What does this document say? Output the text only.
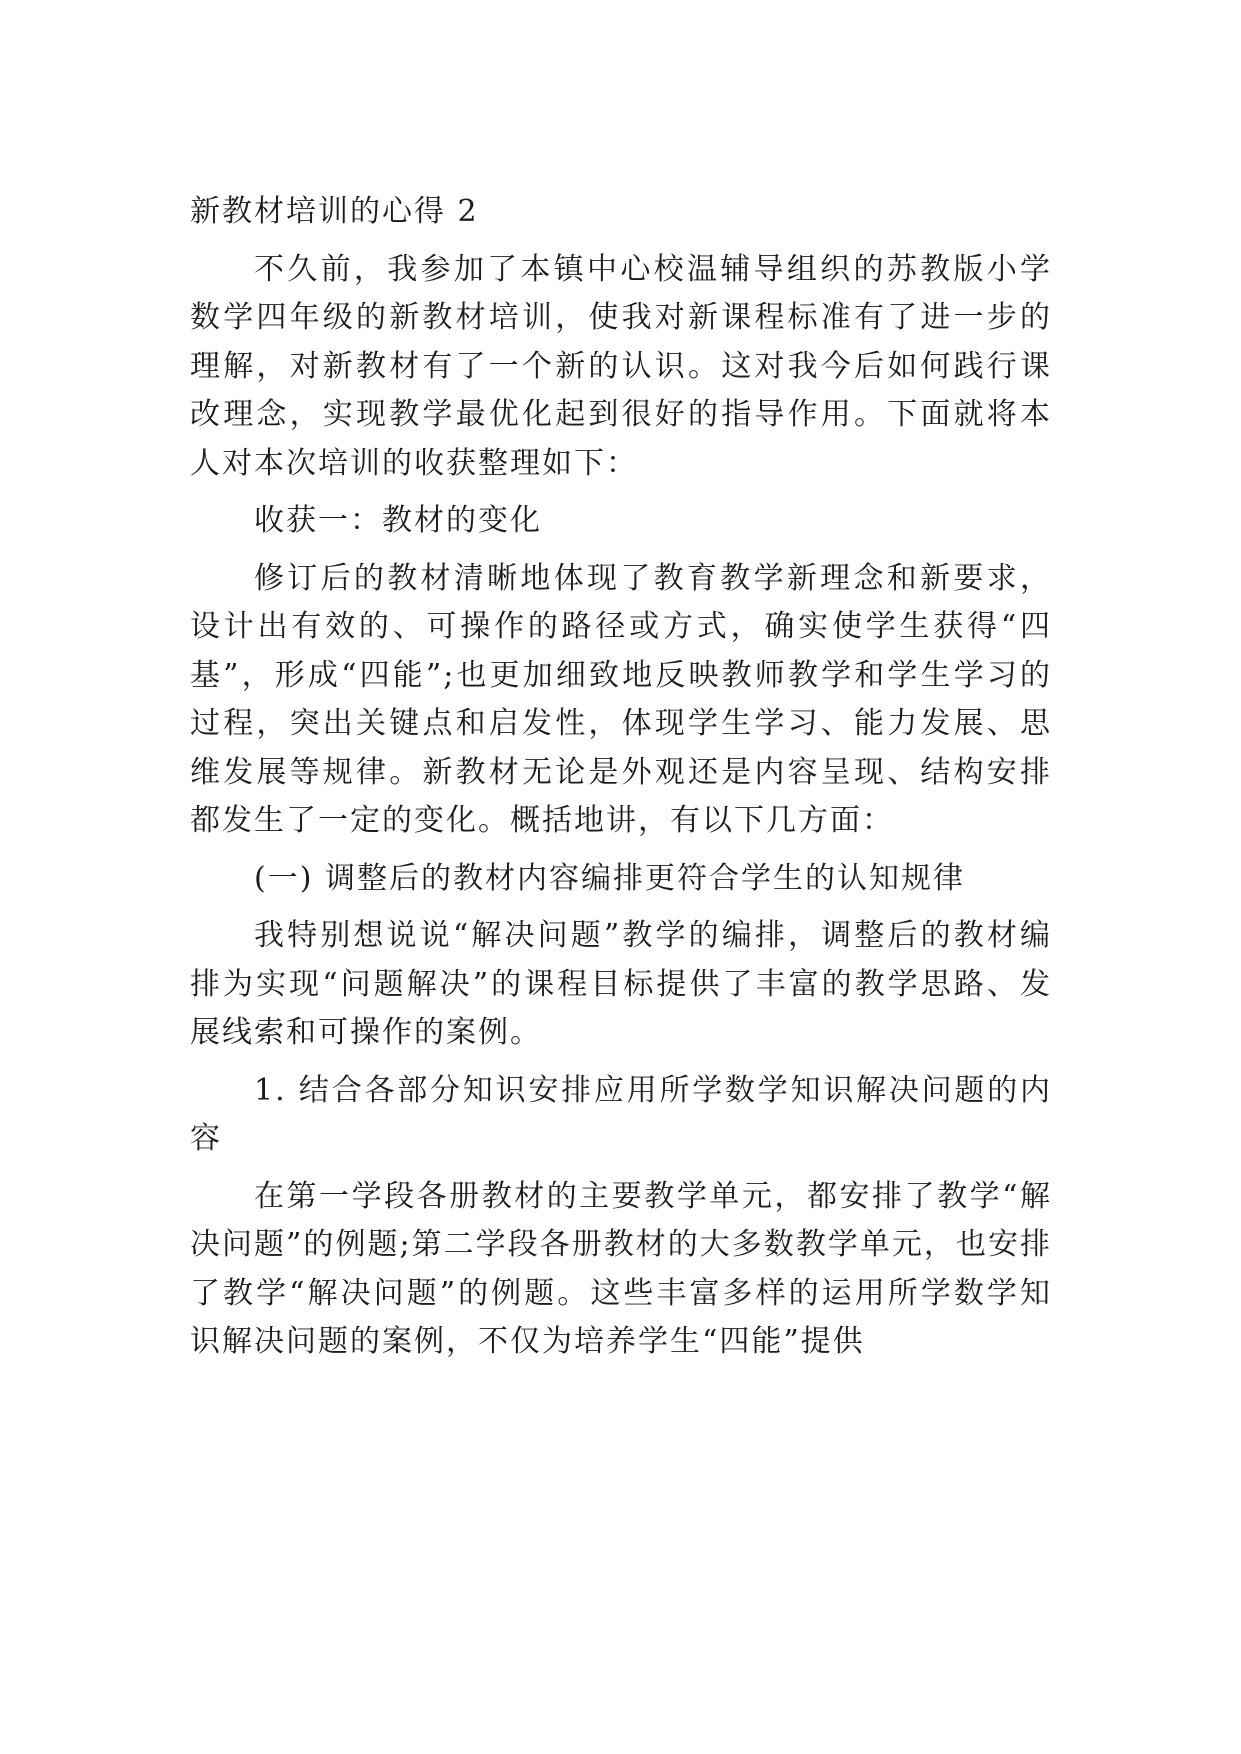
新教材培训的心得 2

不久前，我参加了本镇中心校温辅导组织的苏教版小学数学四年级的新教材培训，使我对新课程标准有了进一步的理解，对新教材有了一个新的认识。这对我今后如何践行课改理念，实现教学最优化起到很好的指导作用。下面就将本人对本次培训的收获整理如下：

收获一：教材的变化

修订后的教材清晰地体现了教育教学新理念和新要求，设计出有效的、可操作的路径或方式，确实使学生获得“四基”，形成“四能”;也更加细致地反映教师教学和学生学习的过程，突出关键点和启发性，体现学生学习、能力发展、思维发展等规律。新教材无论是外观还是内容呈现、结构安排都发生了一定的变化。概括地讲，有以下几方面：

(一) 调整后的教材内容编排更符合学生的认知规律

我特别想说说“解决问题”教学的编排，调整后的教材编排为实现“问题解决”的课程目标提供了丰富的教学思路、发展线索和可操作的案例。

1. 结合各部分知识安排应用所学数学知识解决问题的内容

在第一学段各册教材的主要教学单元，都安排了教学“解决问题”的例题;第二学段各册教材的大多数教学单元，也安排了教学“解决问题”的例题。这些丰富多样的运用所学数学知识解决问题的案例，不仅为培养学生“四能”提供
